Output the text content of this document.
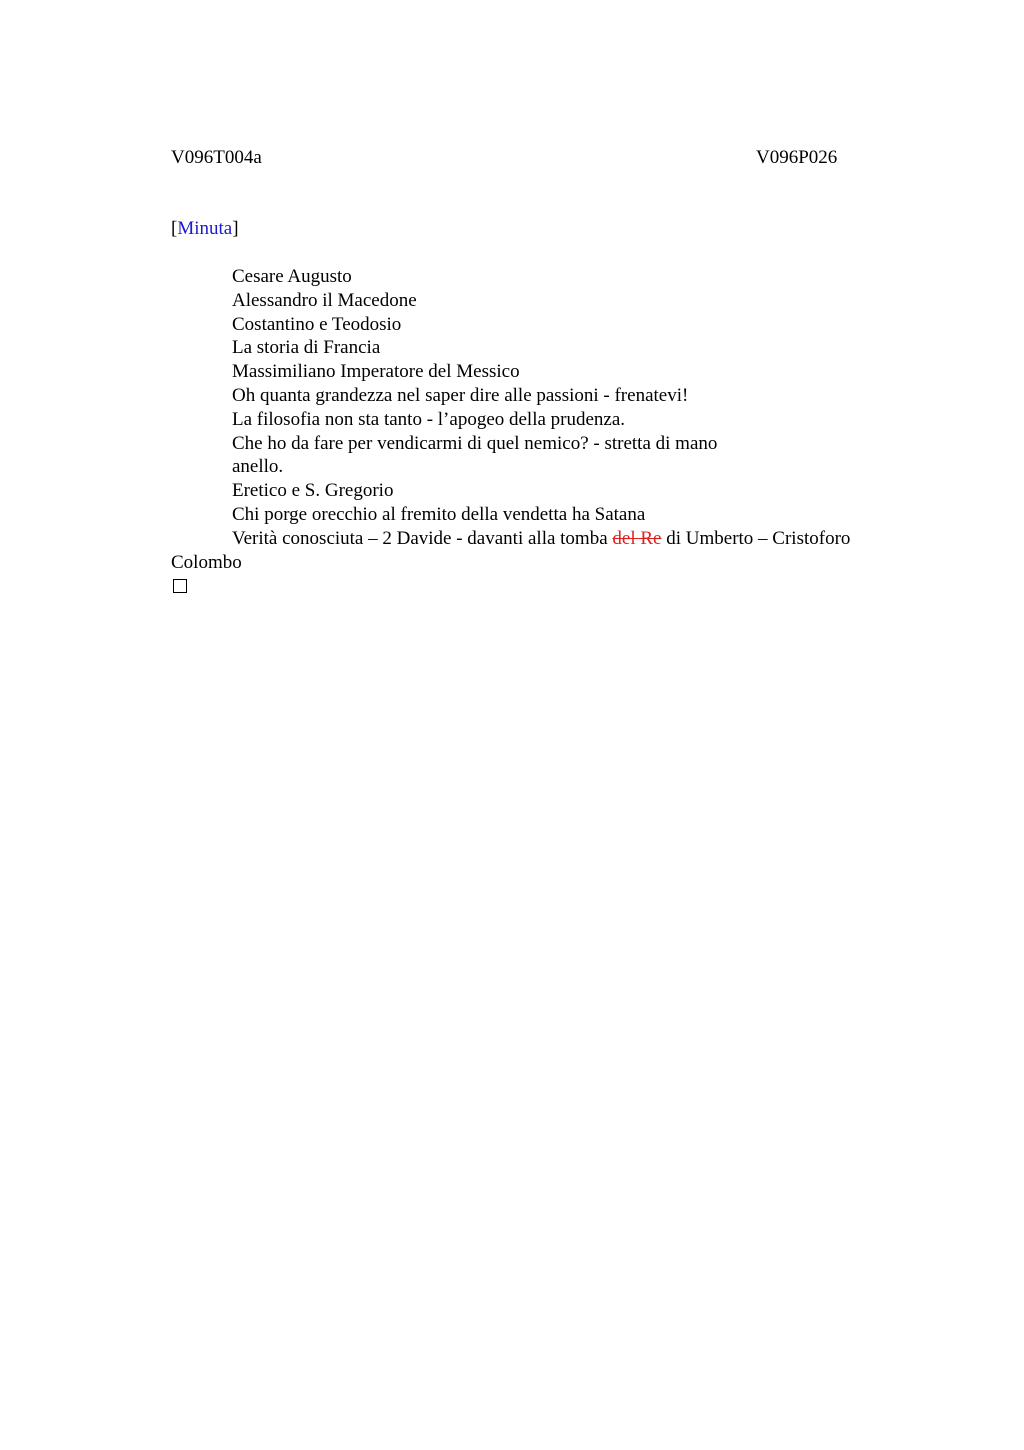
V096T004a	V096P026
[Minuta]
Cesare Augusto
Alessandro il Macedone
Costantino e Teodosio
La storia di Francia
Massimiliano Imperatore del Messico
Oh quanta grandezza nel saper dire alle passioni - frenatevi!
La filosofia non sta tanto - l’apogeo della prudenza.
Che ho da fare per vendicarmi di quel nemico? - stretta di mano
anello.
Eretico e S. Gregorio
Chi porge orecchio al fremito della vendetta ha Satana
Verità conosciuta – 2 Davide - davanti alla tomba del Re di Umberto – Cristoforo
Colombo
